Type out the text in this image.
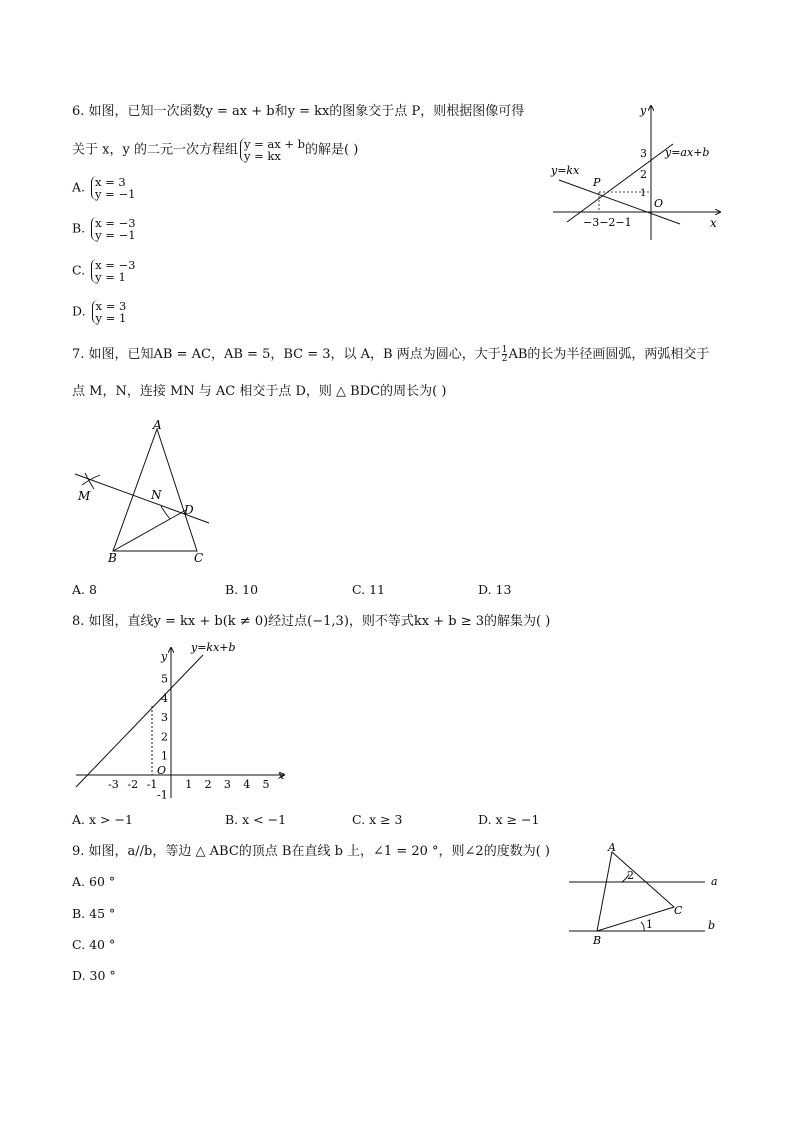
6. 如图，已知一次函数y = ax + b和y = kx的图象交于点 P，则根据图像可得
关于 x，y 的二元一次方程组 y = ax + b
y = kx	的解是( )
A. x = 3
y = −1
B. x = −3
y = −1
C. x = −3
y = 1
D. x = 3
y = 1
y
x
O
3
2
1
−3−2−1
y=kx
y=ax+b
P
7. 如图，已知AB = AC，AB = 5，BC = 3，以 A，B 两点为圆心，大于 $\frac{1}{2}$ AB的长为半径画圆弧，两弧相交于
点 M，N，连接 MN 与 AC 相交于点 D，则 △ BDC的周长为( )
A
B	C
D
M	N
A. 8	B. 10	C. 11	D. 13
8. 如图，直线y = kx + b(k ≠ 0)经过点(−1,3)，则不等式kx + b ≥ 3的解集为( )
y
x
y=kx+b
O
-3 -2 -1	1 2 3 4 5
5
4
3
2
1
-1
A. x > −1	B. x < −1	C. x ≥ 3	D. x ≥ −1
9. 如图，a//b，等边 △ ABC的顶点 B在直线 b 上，∠1 = 20 °，则∠2的度数为( )
A. 60 °
B. 45 °
C. 40 °
D. 30 °
A
B
C
a
b
1
2
